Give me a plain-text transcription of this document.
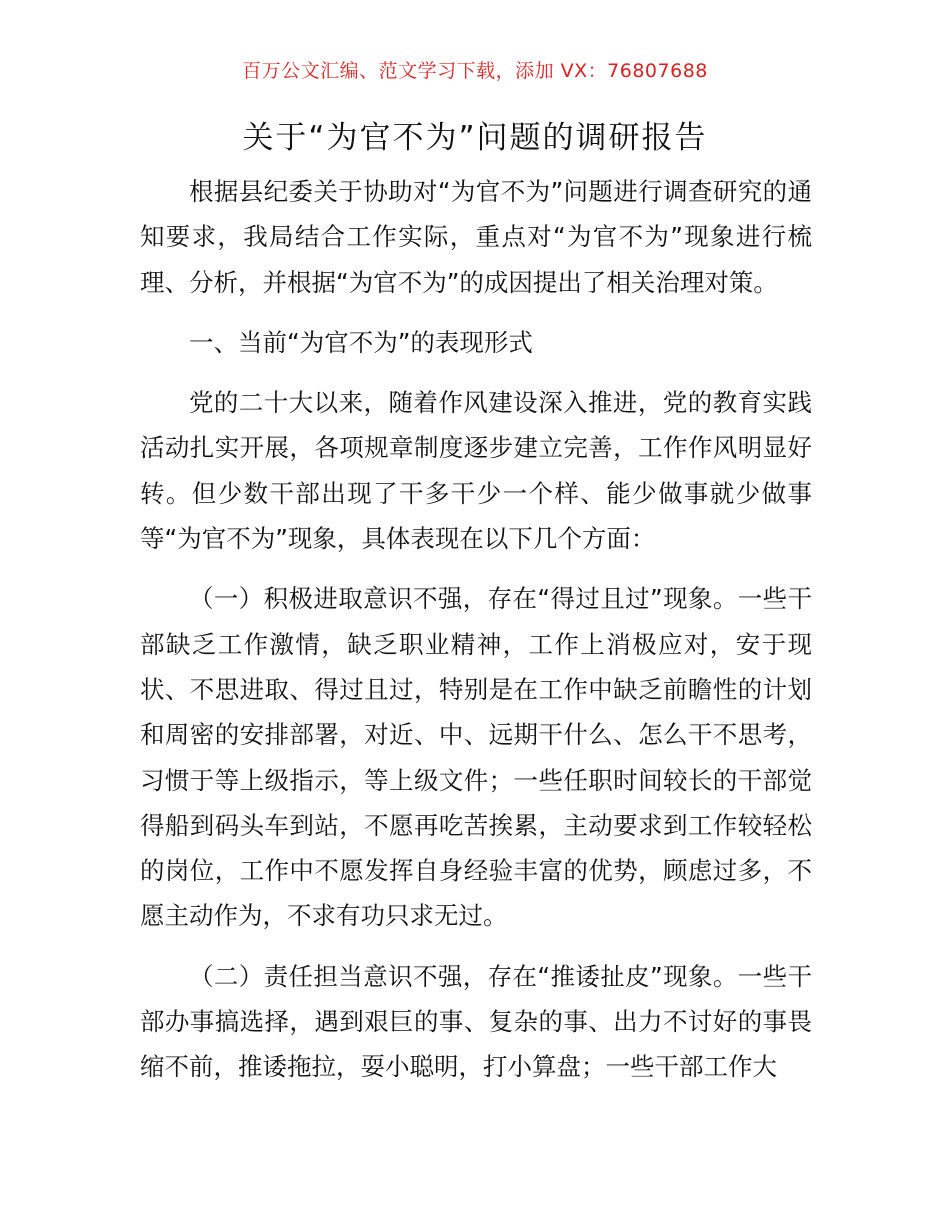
百万公文汇编、范文学习下载，添加 VX：76807688
关于“为官不为”问题的调研报告

根据县纪委关于协助对“为官不为”问题进行调查研究的通知要求，我局结合工作实际，重点对“为官不为”现象进行梳理、分析，并根据“为官不为”的成因提出了相关治理对策。

一、当前“为官不为”的表现形式

党的二十大以来，随着作风建设深入推进，党的教育实践活动扎实开展，各项规章制度逐步建立完善，工作作风明显好转。但少数干部出现了干多干少一个样、能少做事就少做事等“为官不为”现象，具体表现在以下几个方面：

（一）积极进取意识不强，存在“得过且过”现象。一些干部缺乏工作激情，缺乏职业精神，工作上消极应对，安于现状、不思进取、得过且过，特别是在工作中缺乏前瞻性的计划和周密的安排部署，对近、中、远期干什么、怎么干不思考，习惯于等上级指示，等上级文件；一些任职时间较长的干部觉得船到码头车到站，不愿再吃苦挨累，主动要求到工作较轻松的岗位，工作中不愿发挥自身经验丰富的优势，顾虑过多，不愿主动作为，不求有功只求无过。

（二）责任担当意识不强，存在“推诿扯皮”现象。一些干部办事搞选择，遇到艰巨的事、复杂的事、出力不讨好的事畏缩不前，推诿拖拉，耍小聪明，打小算盘；一些干部工作大
